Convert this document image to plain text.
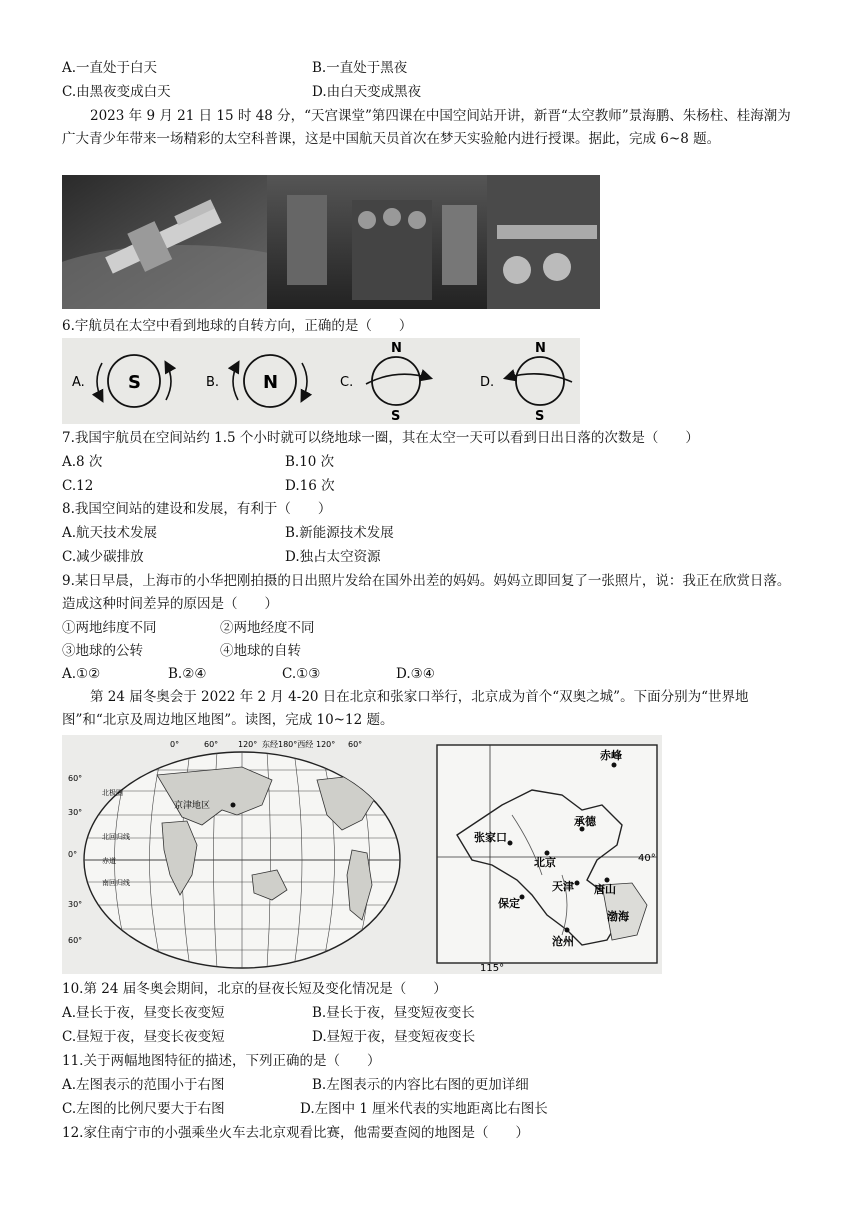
A.一直处于白天	B.一直处于黑夜
C.由黑夜变成白天	D.由白天变成黑夜
2023 年 9 月 21 日 15 时 48 分，“天宫课堂”第四课在中国空间站开讲，新晋“太空教师”景海鹏、朱杨柱、桂海潮为广大青少年带来一场精彩的太空科普课，这是中国航天员首次在梦天实验舱内进行授课。据此，完成 6~8 题。
6.宇航员在太空中看到地球的自转方向，正确的是（　　）
A. S	B. N	C.
N
S
D.
N
S
7.我国宇航员在空间站约 1.5 个小时就可以绕地球一圈，其在太空一天可以看到日出日落的次数是（　　）
A.8 次	B.10 次
C.12	D.16 次
8.我国空间站的建设和发展，有利于（　　）
A.航天技术发展	B.新能源技术发展
C.减少碳排放	D.独占太空资源
9.某日早晨，上海市的小华把刚拍摄的日出照片发给在国外出差的妈妈。妈妈立即回复了一张照片，说：我正在欣赏日落。造成这种时间差异的原因是（　　）
①两地纬度不同	②两地经度不同
③地球的公转	④地球的自转
A.①②	B.②④	C.①③	D.③④
第 24 届冬奥会于 2022 年 2 月 4-20 日在北京和张家口举行，北京成为首个“双奥之城”。下面分别为“世界地图”和“北京及周边地区地图”。读图，完成 10~12 题。
0°	60° 120° 东经180°西经 120° 60°
60°
30°
0°
30°
60°
京津地区
北极圈
北回归线
赤道
南回归线
40°
115°
赤峰
承德
张家口
北京
天津 唐山
保定
沧州
渤海
10.第 24 届冬奥会期间，北京的昼夜长短及变化情况是（　　）
A.昼长于夜，昼变长夜变短	B.昼长于夜，昼变短夜变长
C.昼短于夜，昼变长夜变短	D.昼短于夜，昼变短夜变长
11.关于两幅地图特征的描述，下列正确的是（　　）
A.左图表示的范围小于右图	B.左图表示的内容比右图的更加详细
C.左图的比例尺要大于右图	D.左图中 1 厘米代表的实地距离比右图长
12.家住南宁市的小强乘坐火车去北京观看比赛，他需要查阅的地图是（　　）
